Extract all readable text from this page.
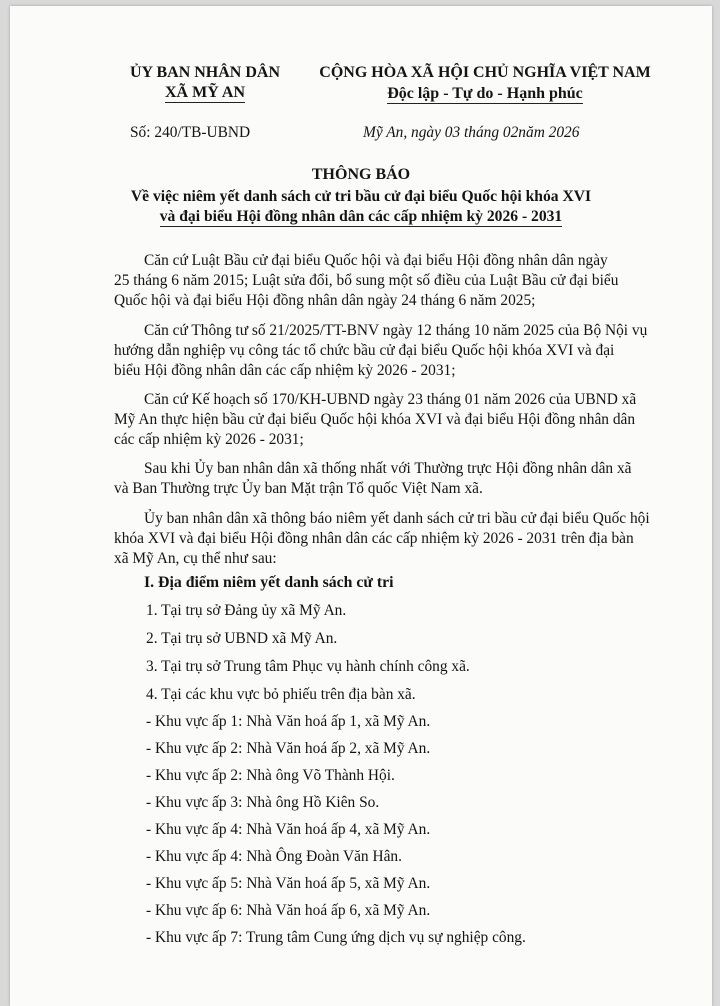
ỦY BAN NHÂN DÂN
XÃ MỸ AN
CỘNG HÒA XÃ HỘI CHỦ NGHĨA VIỆT NAM
Độc lập - Tự do - Hạnh phúc
Số: 240/TB-UBND	Mỹ An, ngày 03 tháng 02năm 2026
THÔNG BÁO
Về việc niêm yết danh sách cử tri bầu cử đại biểu Quốc hội khóa XVI
và đại biểu Hội đồng nhân dân các cấp nhiệm kỳ 2026 - 2031
Căn cứ Luật Bầu cử đại biểu Quốc hội và đại biểu Hội đồng nhân dân ngày
25 tháng 6 năm 2015; Luật sửa đổi, bổ sung một số điều của Luật Bầu cử đại biểu
Quốc hội và đại biểu Hội đồng nhân dân ngày 24 tháng 6 năm 2025;
Căn cứ Thông tư số 21/2025/TT-BNV ngày 12 tháng 10 năm 2025 của Bộ Nội vụ
hướng dẫn nghiệp vụ công tác tổ chức bầu cử đại biểu Quốc hội khóa XVI và đại
biểu Hội đồng nhân dân các cấp nhiệm kỳ 2026 - 2031;
Căn cứ Kế hoạch số 170/KH-UBND ngày 23 tháng 01 năm 2026 của UBND xã
Mỹ An thực hiện bầu cử đại biểu Quốc hội khóa XVI và đại biểu Hội đồng nhân dân
các cấp nhiệm kỳ 2026 - 2031;
Sau khi Ủy ban nhân dân xã thống nhất với Thường trực Hội đồng nhân dân xã
và Ban Thường trực Ủy ban Mặt trận Tổ quốc Việt Nam xã.
Ủy ban nhân dân xã thông báo niêm yết danh sách cử tri bầu cử đại biểu Quốc hội
khóa XVI và đại biểu Hội đồng nhân dân các cấp nhiệm kỳ 2026 - 2031 trên địa bàn
xã Mỹ An, cụ thể như sau:
I. Địa điểm niêm yết danh sách cử tri
1. Tại trụ sở Đảng ủy xã Mỹ An.
2. Tại trụ sở UBND xã Mỹ An.
3. Tại trụ sở Trung tâm Phục vụ hành chính công xã.
4. Tại các khu vực bỏ phiếu trên địa bàn xã.
- Khu vực ấp 1: Nhà Văn hoá ấp 1, xã Mỹ An.
- Khu vực ấp 2: Nhà Văn hoá ấp 2, xã Mỹ An.
- Khu vực ấp 2: Nhà ông Võ Thành Hội.
- Khu vực ấp 3: Nhà ông Hồ Kiên So.
- Khu vực ấp 4: Nhà Văn hoá ấp 4, xã Mỹ An.
- Khu vực ấp 4: Nhà Ông Đoàn Văn Hân.
- Khu vực ấp 5: Nhà Văn hoá ấp 5, xã Mỹ An.
- Khu vực ấp 6: Nhà Văn hoá ấp 6, xã Mỹ An.
- Khu vực ấp 7: Trung tâm Cung ứng dịch vụ sự nghiệp công.
